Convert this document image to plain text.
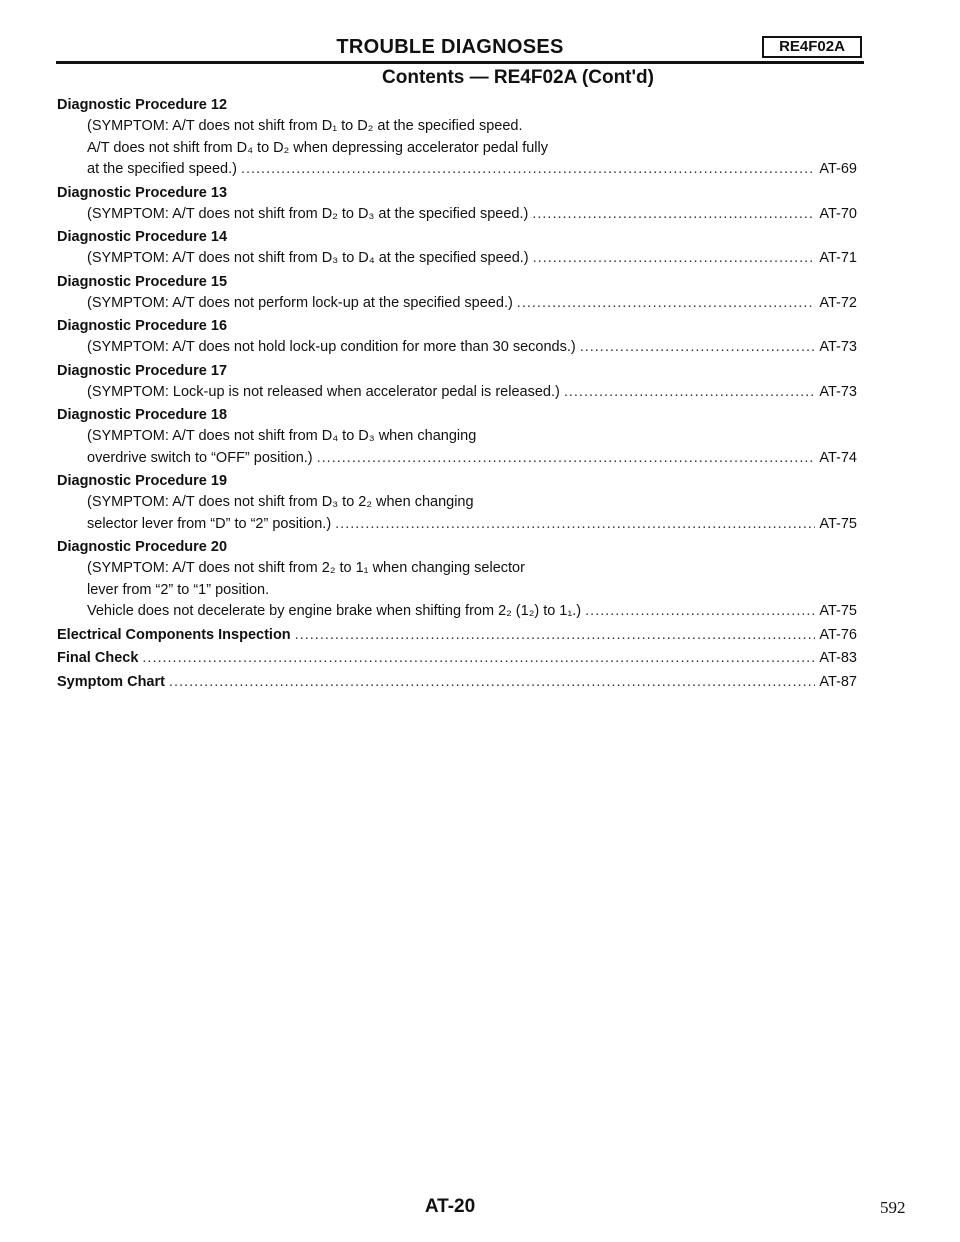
TROUBLE DIAGNOSES	RE4F02A
Contents — RE4F02A (Cont'd)
Diagnostic Procedure 12
(SYMPTOM: A/T does not shift from D₁ to D₂ at the specified speed.
A/T does not shift from D₄ to D₂ when depressing accelerator pedal fully
at the specified speed.) .....	AT-69
Diagnostic Procedure 13
(SYMPTOM: A/T does not shift from D₂ to D₃ at the specified speed.) .....	AT-70
Diagnostic Procedure 14
(SYMPTOM: A/T does not shift from D₃ to D₄ at the specified speed.) .....	AT-71
Diagnostic Procedure 15
(SYMPTOM: A/T does not perform lock-up at the specified speed.) .....	AT-72
Diagnostic Procedure 16
(SYMPTOM: A/T does not hold lock-up condition for more than 30 seconds.) .....	AT-73
Diagnostic Procedure 17
(SYMPTOM: Lock-up is not released when accelerator pedal is released.) .....	AT-73
Diagnostic Procedure 18
(SYMPTOM: A/T does not shift from D₄ to D₃ when changing
overdrive switch to “OFF” position.) .....	AT-74
Diagnostic Procedure 19
(SYMPTOM: A/T does not shift from D₃ to 2₂ when changing
selector lever from “D” to “2” position.) .....	AT-75
Diagnostic Procedure 20
(SYMPTOM: A/T does not shift from 2₂ to 1₁ when changing selector
lever from “2” to “1” position.
Vehicle does not decelerate by engine brake when shifting from 2₂ (1₂) to 1₁.) .....	AT-75
Electrical Components Inspection .....	AT-76
Final Check .....	AT-83
Symptom Chart .....	AT-87
AT-20	592
